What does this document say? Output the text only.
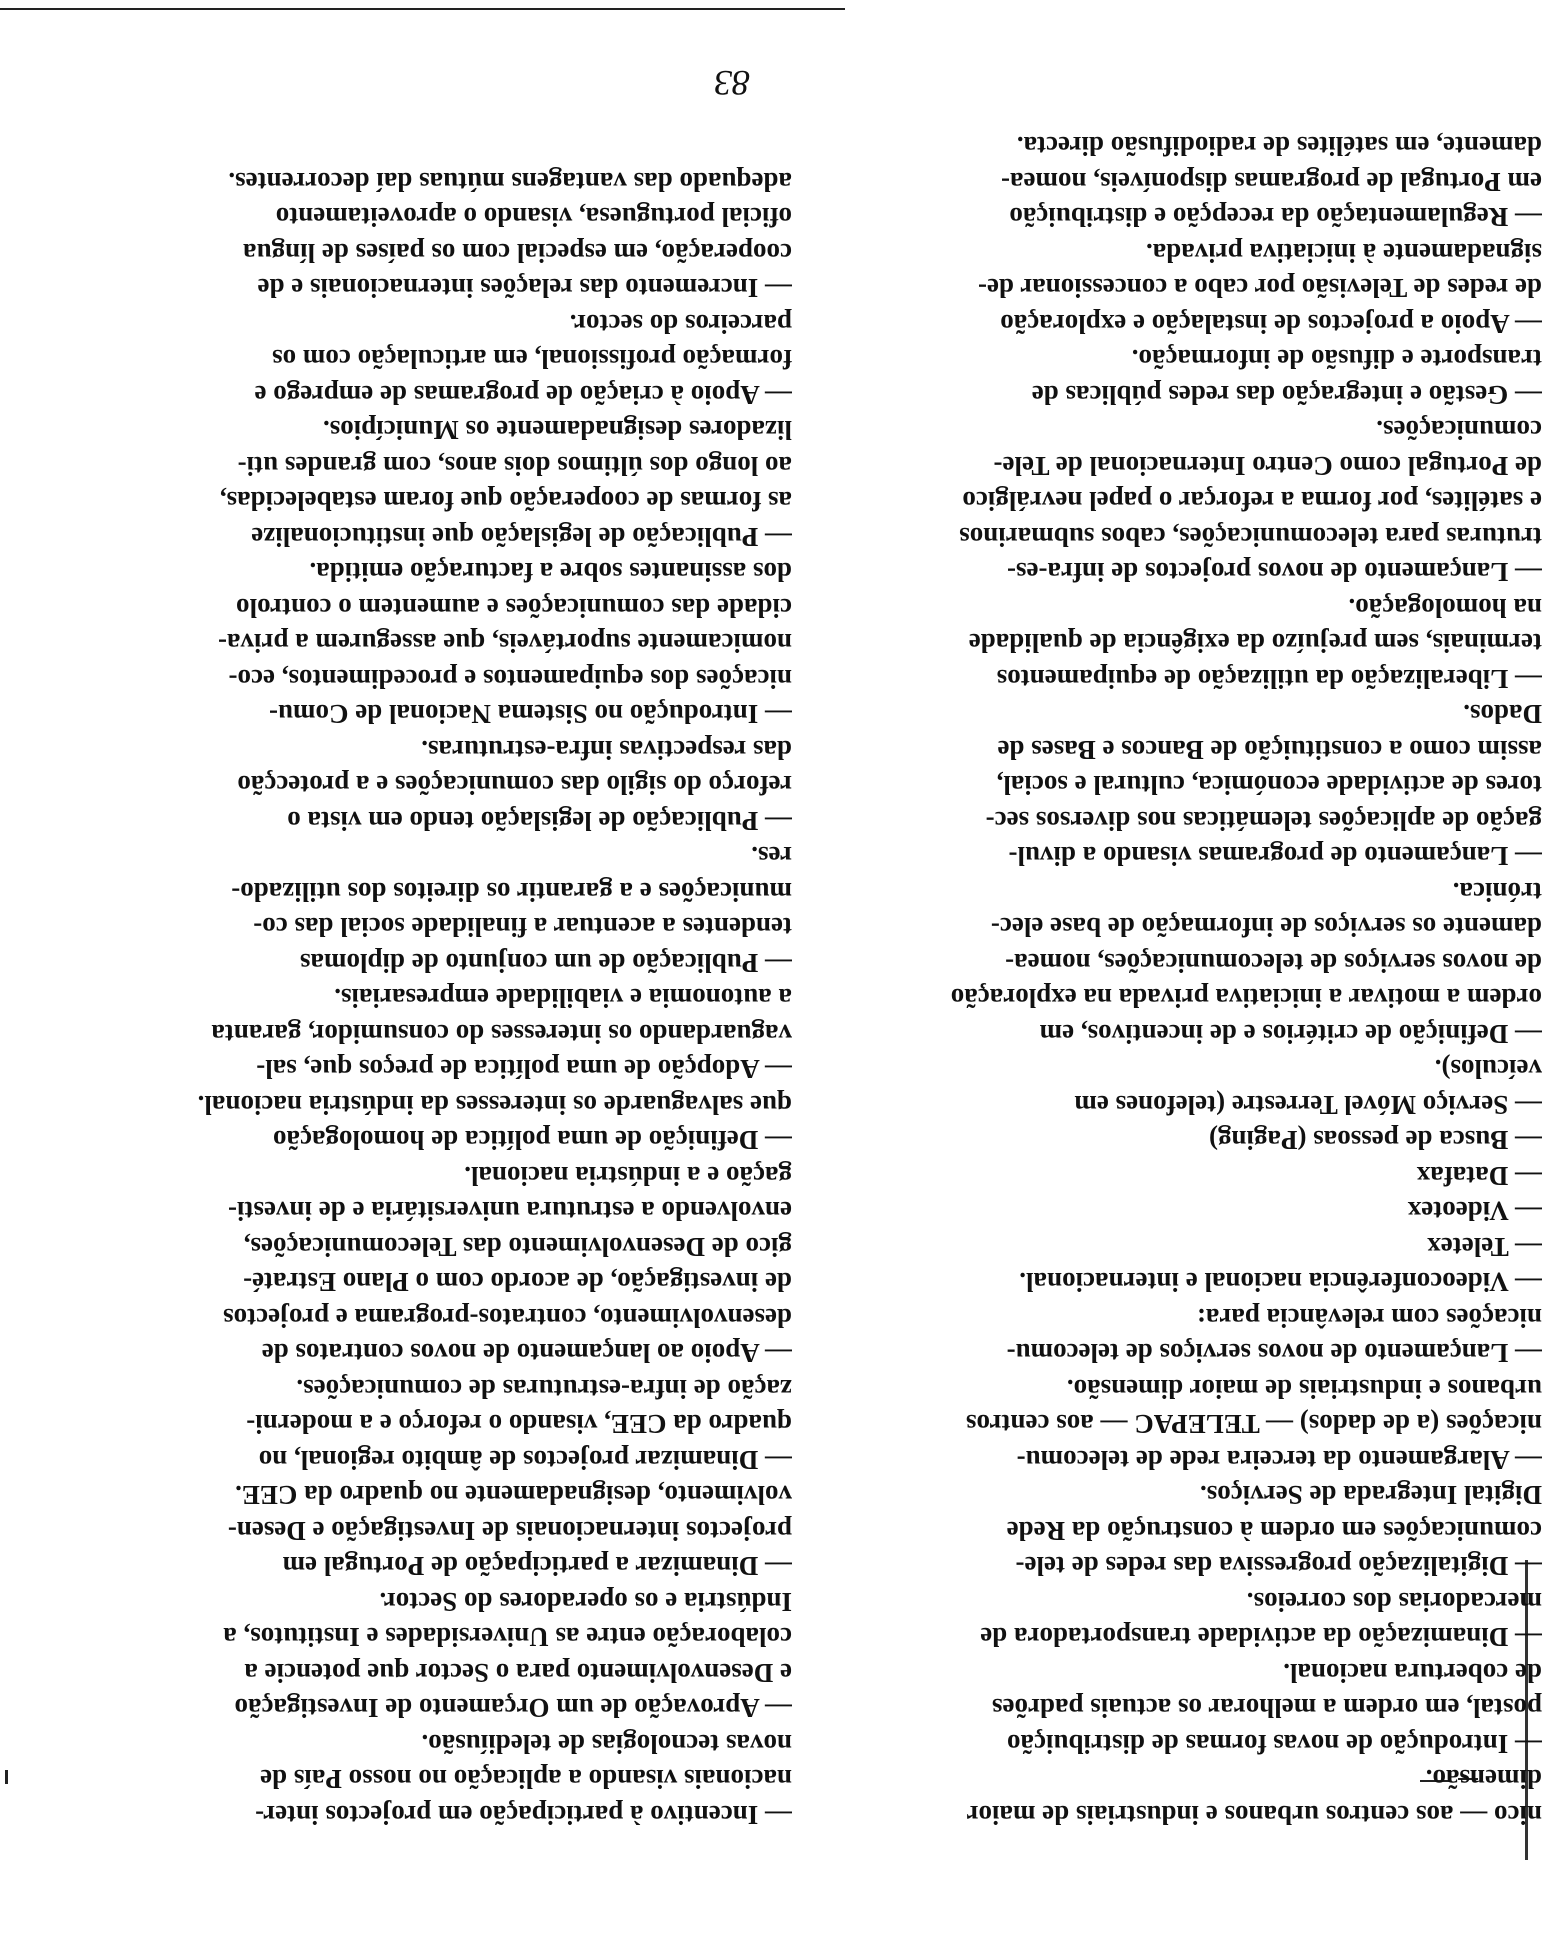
83
nico — aos centros urbanos e industriais de maior
dimensão.
— Introdução de novas formas de distribuição
postal, em ordem a melhorar os actuais padrões
de cobertura nacional.
— Dinamização da actividade transportadora de
mercadorias dos correios.
— Digitalização progressiva das redes de tele-
comunicações em ordem à construção da Rede
Digital Integrada de Serviços.
— Alargamento da terceira rede de telecomu-
nicações (a de dados) — TELEPAC — aos centros
urbanos e industriais de maior dimensão.
— Lançamento de novos serviços de telecomu-
nicações com relevância para:
— Videoconferência nacional e internacional.
— Teletex
— Videotex
— Datafax
— Busca de pessoas (Paging)
— Serviço Móvel Terrestre (telefones em
veículos).
— Definição de critérios e de incentivos, em
ordem a motivar a iniciativa privada na exploração
de novos serviços de telecomunicações, nomea-
damente os serviços de informação de base elec-
trónica.
— Lançamento de programas visando a divul-
gação de aplicações telemáticas nos diversos sec-
tores de actividade económica, cultural e social,
assim como a constituição de Bancos e Bases de
Dados.
— Liberalização da utilização de equipamentos
terminais, sem prejuízo da exigência de qualidade
na homologação.
— Lançamento de novos projectos de infra-es-
truturas para telecomunicações, cabos submarinos
e satélites, por forma a reforçar o papel nevrálgico
de Portugal como Centro Internacional de Tele-
comunicações.
— Gestão e integração das redes públicas de
transporte e difusão de informação.
— Apoio a projectos de instalação e exploração
de redes de Televisão por cabo a concessionar de-
signadamente à iniciativa privada.
— Regulamentação da recepção e distribuição
em Portugal de programas disponíveis, nomea-
damente, em satélites de radiodifusão directa.
— Incentivo à participação em projectos inter-
nacionais visando a aplicação no nosso País de
novas tecnologias de telediíusão.
— Aprovação de um Orçamento de Investigação
e Desenvolvimento para o Sector que potencie a
colaboração entre as Universidades e Institutos, a
Indústria e os operadores do Sector.
— Dinamizar a participação de Portugal em
projectos internacionais de Investigação e Desen-
volvimento, designadamente no quadro da CEE.
— Dinamizar projectos de âmbito regional, no
quadro da CEE, visando o reforço e a moderni-
zação de infra-estruturas de comunicações.
— Apoio ao lançamento de novos contratos de
desenvolvimento, contratos-programa e projectos
de investigação, de acordo com o Plano Estraté-
gico de Desenvolvimento das Telecomunicações,
envolvendo a estrutura universitária e de investi-
gação e a indústria nacional.
— Definição de uma política de homologação
que salvaguarde os interesses da indústria nacional.
— Adopção de uma política de preços que, sal-
vaguardando os interesses do consumidor, garanta
a autonomia e viabilidade empresariais.
— Publicação de um conjunto de diplomas
tendentes a acentuar a finalidade social das co-
municações e a garantir os direitos dos utilizado-
res.
— Publicação de legislação tendo em vista o
reforço do sigilo das comunicações e a protecção
das respectivas infra-estruturas.
— Introdução no Sistema Nacional de Comu-
nicações dos equipamentos e procedimentos, eco-
nomicamente suportáveis, que assegurem a priva-
cidade das comunicações e aumentem o controlo
dos assinantes sobre a facturação emitida.
— Publicação de legislação que institucionalize
as formas de cooperação que foram estabelecidas,
ao longo dos últimos dois anos, com grandes uti-
lizadores designadamente os Municípios.
— Apoio à criação de programas de emprego e
formação profissional, em articulação com os
parceiros do sector.
— Incremento das relações internacionais e de
cooperação, em especial com os países de língua
oficial portuguesa, visando o aproveitamento
adequado das vantagens mútuas daí decorrentes.
